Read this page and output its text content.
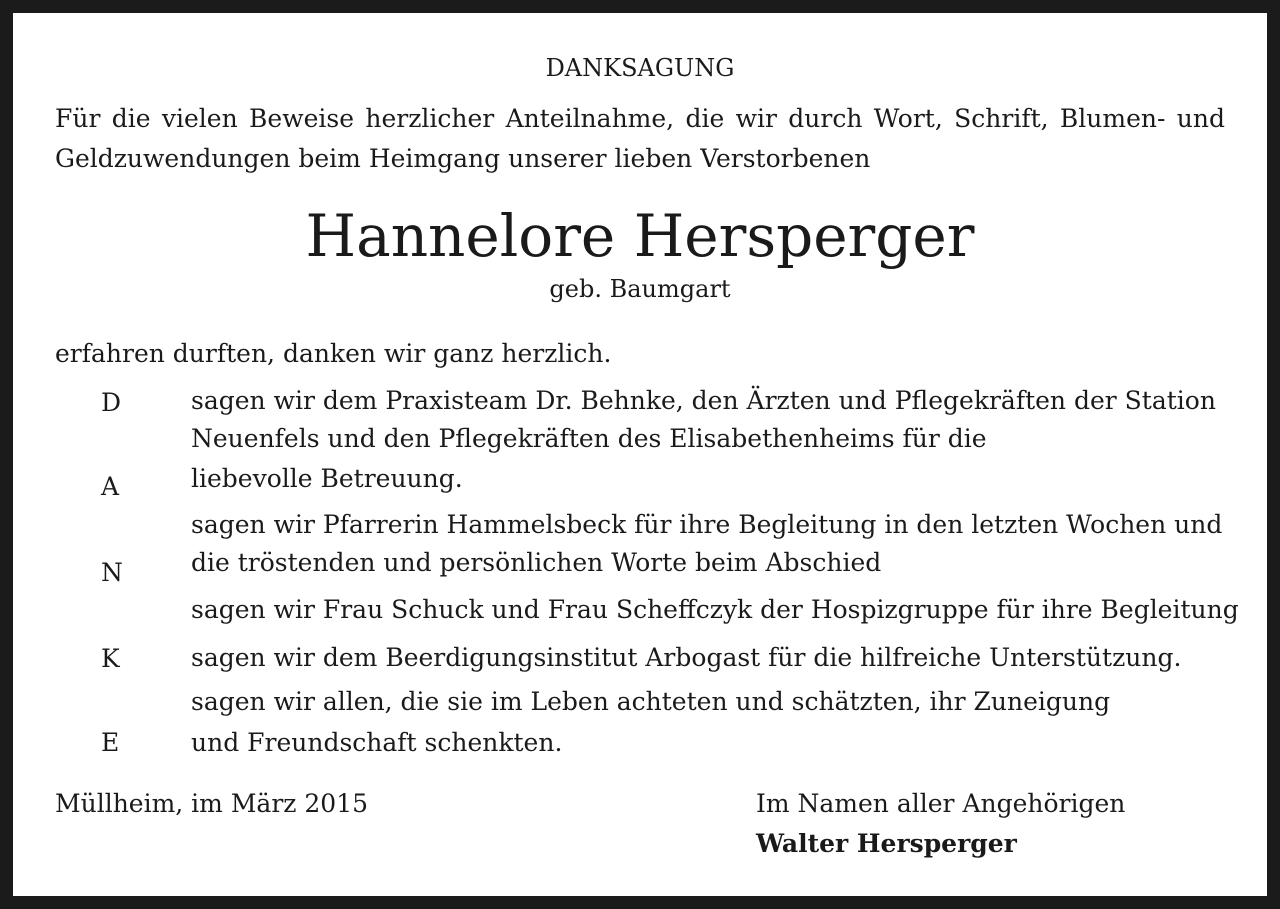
DANKSAGUNG

Für die vielen Beweise herzlicher Anteilnahme, die wir durch Wort, Schrift, Blumen- und Geldzuwendungen beim Heimgang unserer lieben Verstorbenen

Hannelore Hersperger

geb. Baumgart

erfahren durften, danken wir ganz herzlich.

D

A

N

K

E

sagen wir dem Praxisteam Dr. Behnke, den Ärzten und Pflegekräften der Station

Neuenfels und den Pflegekräften des Elisabethenheims für die

liebevolle Betreuung.

sagen wir Pfarrerin Hammelsbeck für ihre Begleitung in den letzten Wochen und

die tröstenden und persönlichen Worte beim Abschied

sagen wir Frau Schuck und Frau Scheffczyk der Hospizgruppe für ihre Begleitung

sagen wir dem Beerdigungsinstitut Arbogast für die hilfreiche Unterstützung.

sagen wir allen, die sie im Leben achteten und schätzten, ihr Zuneigung

und Freundschaft schenkten.

Müllheim, im März 2015	Im Namen aller Angehörigen

Walter Hersperger
